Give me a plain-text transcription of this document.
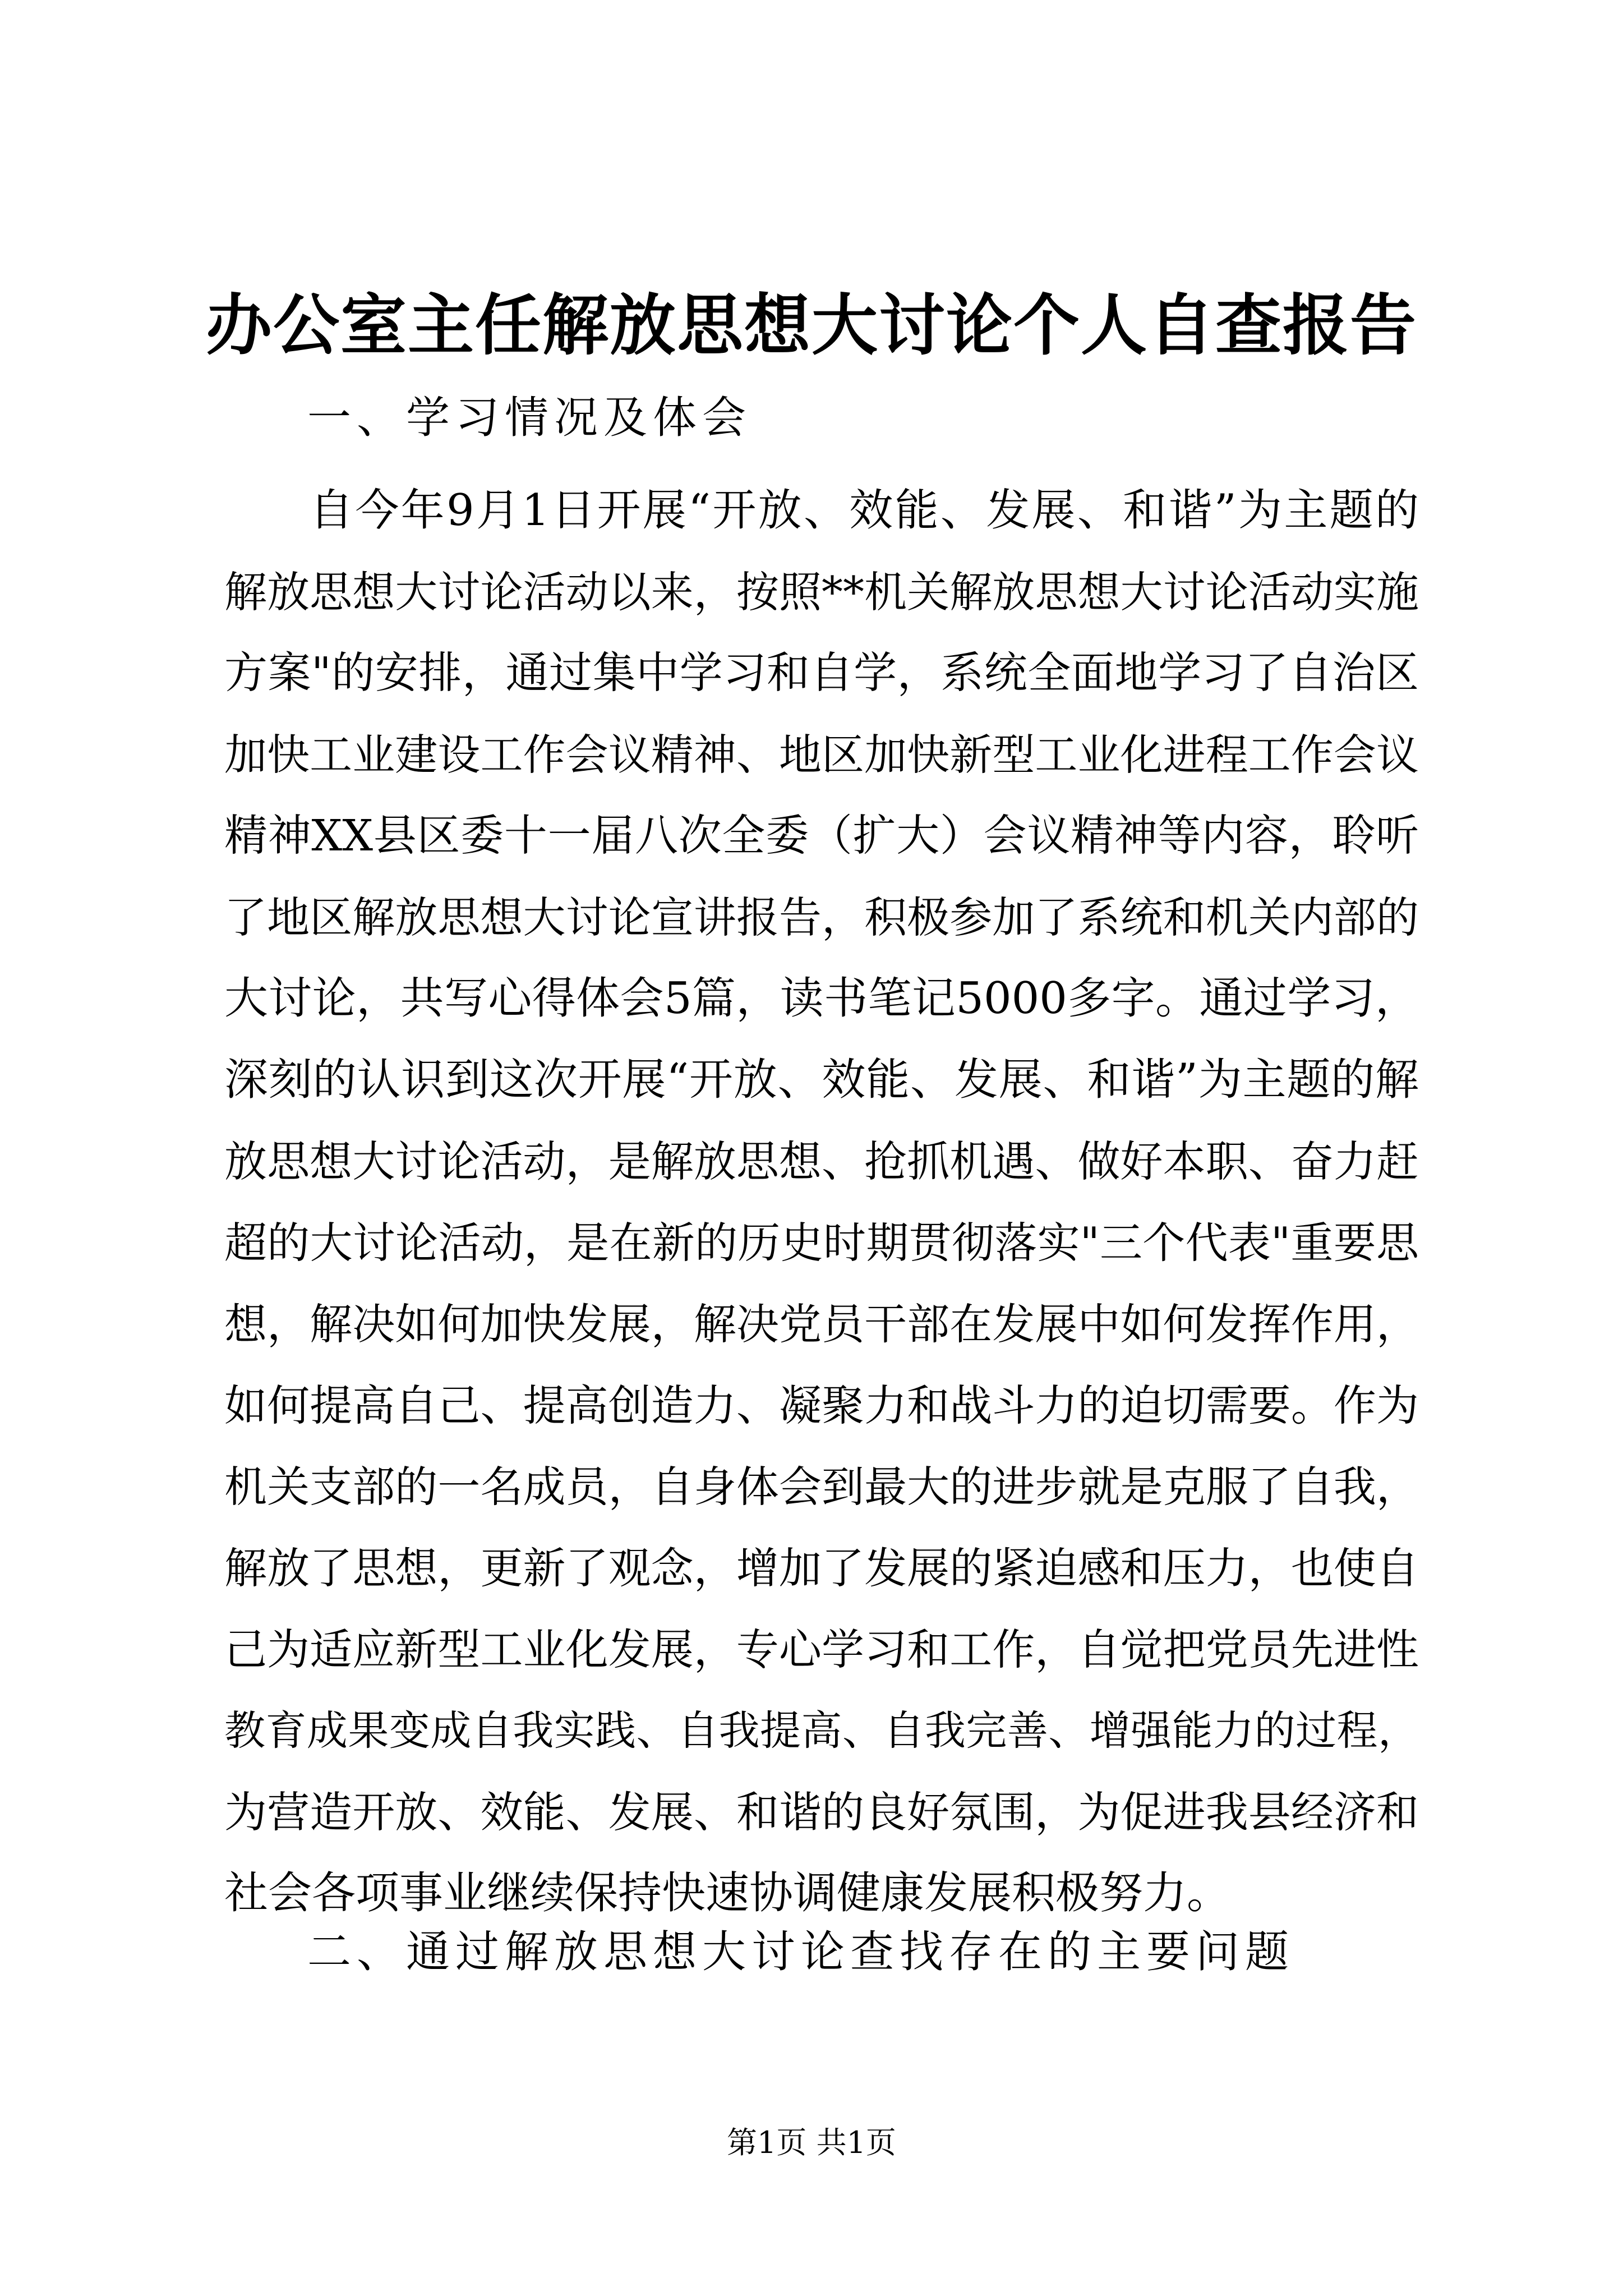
办公室主任解放思想大讨论个人自查报告
一、学习情况及体会
自今年9月1日开展“开放、效能、发展、和谐”为主题的
解放思想大讨论活动以来，按照**机关解放思想大讨论活动实施
方案"的安排，通过集中学习和自学，系统全面地学习了自治区
加快工业建设工作会议精神、地区加快新型工业化进程工作会议
精神XX县区委十一届八次全委（扩大）会议精神等内容，聆听
了地区解放思想大讨论宣讲报告，积极参加了系统和机关内部的
大讨论，共写心得体会5篇，读书笔记5000多字。通过学习，
深刻的认识到这次开展“开放、效能、发展、和谐”为主题的解
放思想大讨论活动，是解放思想、抢抓机遇、做好本职、奋力赶
超的大讨论活动，是在新的历史时期贯彻落实"三个代表"重要思
想，解决如何加快发展，解决党员干部在发展中如何发挥作用，
如何提高自己、提高创造力、凝聚力和战斗力的迫切需要。作为
机关支部的一名成员，自身体会到最大的进步就是克服了自我，
解放了思想，更新了观念，增加了发展的紧迫感和压力，也使自
己为适应新型工业化发展，专心学习和工作，自觉把党员先进性
教育成果变成自我实践、自我提高、自我完善、增强能力的过程，
为营造开放、效能、发展、和谐的良好氛围，为促进我县经济和
社会各项事业继续保持快速协调健康发展积极努力。
二、通过解放思想大讨论查找存在的主要问题
第1页 共1页
